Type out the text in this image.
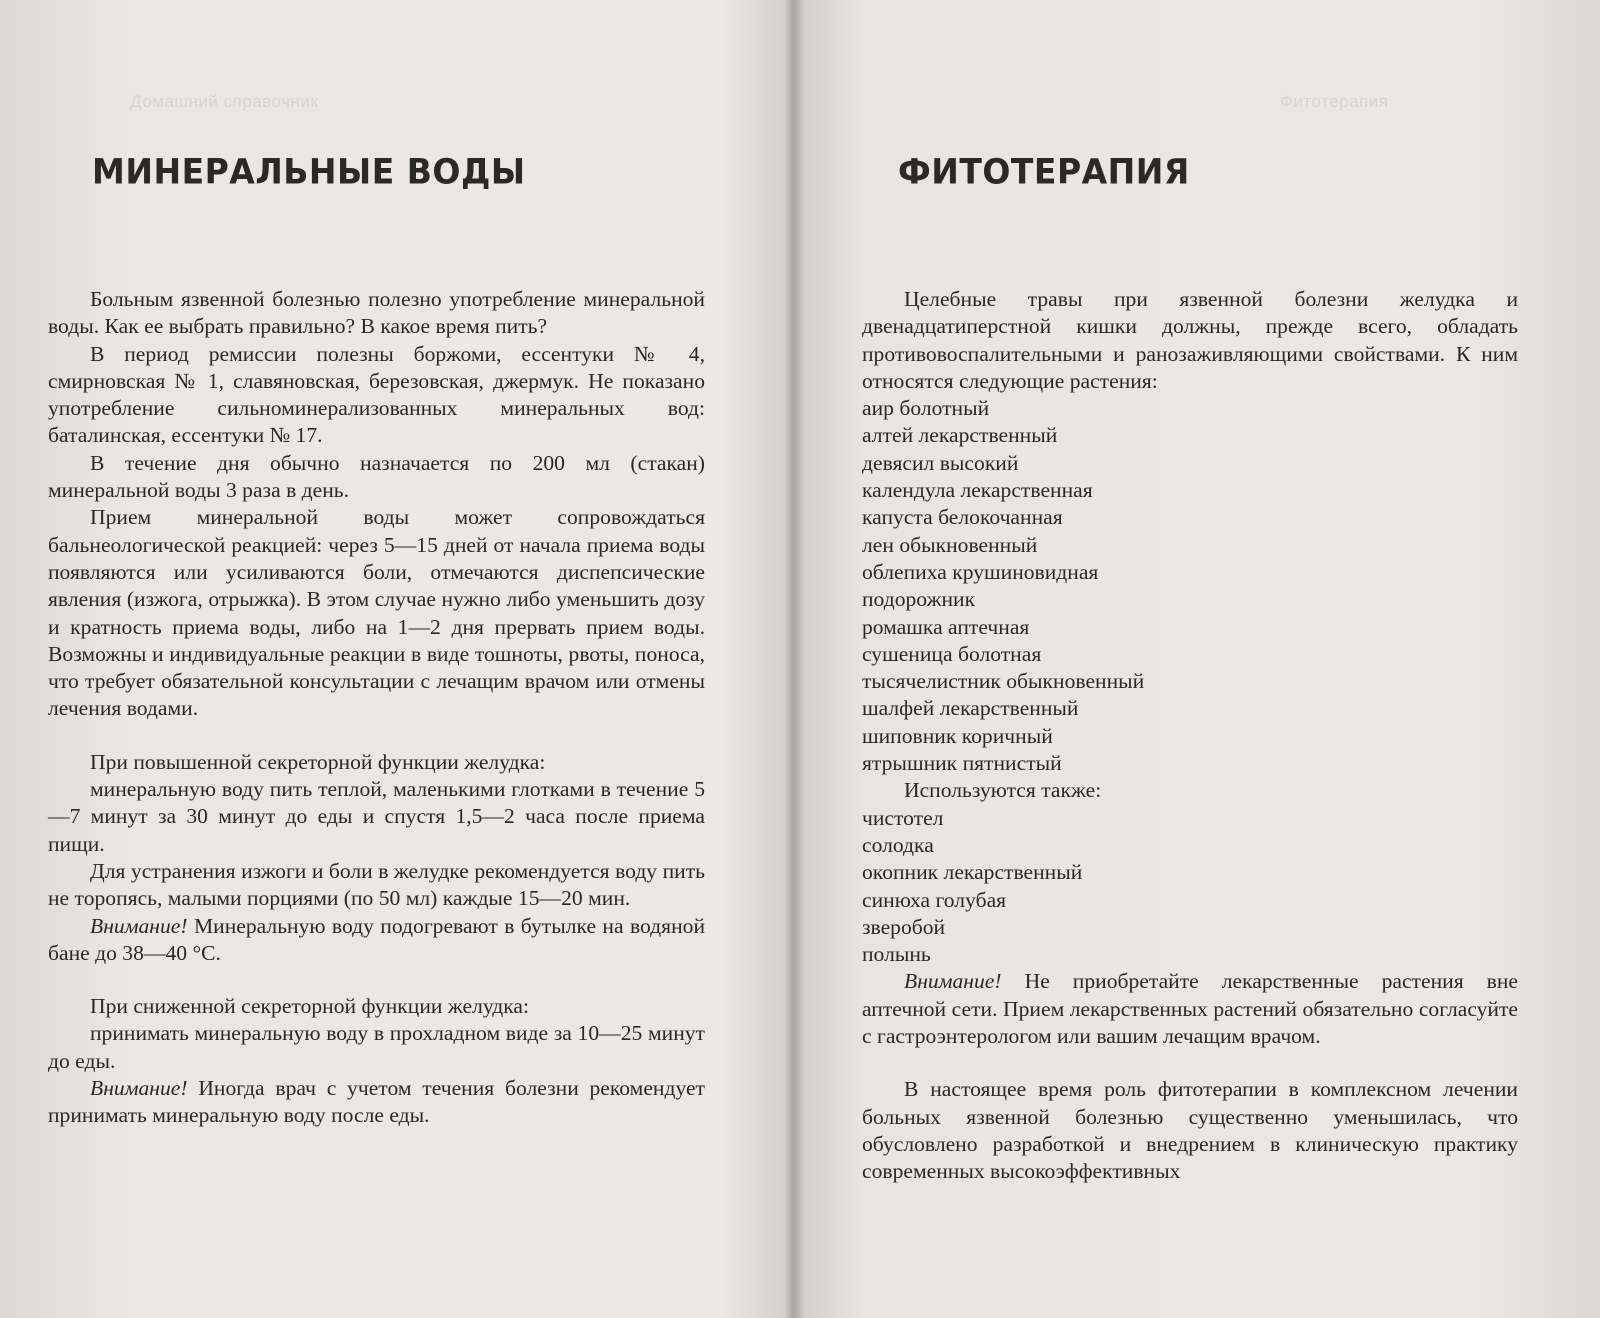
Домашний справочник
МИНЕРАЛЬНЫЕ ВОДЫ

Больным язвенной болезнью полезно употребление минеральной воды. Как ее выбрать правильно? В какое время пить?

В период ремиссии полезны боржоми, ессентуки № 4, смирновская № 1, славяновская, березовская, джермук. Не показано употребление сильноминерализованных минеральных вод: баталинская, ессентуки № 17.

В течение дня обычно назначается по 200 мл (стакан) минеральной воды 3 раза в день.

Прием минеральной воды может сопровождаться бальнеологической реакцией: через 5—15 дней от начала приема воды появляются или усиливаются боли, отмечаются диспепсические явления (изжога, отрыжка). В этом случае нужно либо уменьшить дозу и кратность приема воды, либо на 1—2 дня прервать прием воды. Возможны и индивидуальные реакции в виде тошноты, рвоты, поноса, что требует обязательной консультации с лечащим врачом или отмены лечения водами.

При повышенной секреторной функции желудка:

минеральную воду пить теплой, маленькими глотками в течение 5—7 минут за 30 минут до еды и спустя 1,5—2 часа после приема пищи.

Для устранения изжоги и боли в желудке рекомендуется воду пить не торопясь, малыми порциями (по 50 мл) каждые 15—20 мин.

Внимание! Минеральную воду подогревают в бутылке на водяной бане до 38—40 °С.

При сниженной секреторной функции желудка:

принимать минеральную воду в прохладном виде за 10—25 минут до еды.

Внимание! Иногда врач с учетом течения болезни рекомендует принимать минеральную воду после еды.

Фитотерапия
ФИТОТЕРАПИЯ

Целебные травы при язвенной болезни желудка и двенадцатиперстной кишки должны, прежде всего, обладать противовоспалительными и ранозаживляющими свойствами. К ним относятся следующие растения:

аир болотный
алтей лекарственный
девясил высокий
календула лекарственная
капуста белокочанная
лен обыкновенный
облепиха крушиновидная
подорожник
ромашка аптечная
сушеница болотная
тысячелистник обыкновенный
шалфей лекарственный
шиповник коричный
ятрышник пятнистый

Используются также:

чистотел
солодка
окопник лекарственный
синюха голубая
зверобой
полынь

Внимание! Не приобретайте лекарственные растения вне аптечной сети. Прием лекарственных растений обязательно согласуйте с гастроэнтерологом или вашим лечащим врачом.

В настоящее время роль фитотерапии в комплексном лечении больных язвенной болезнью существенно уменьшилась, что обусловлено разработкой и внедрением в клиническую практику современных высокоэффективных
